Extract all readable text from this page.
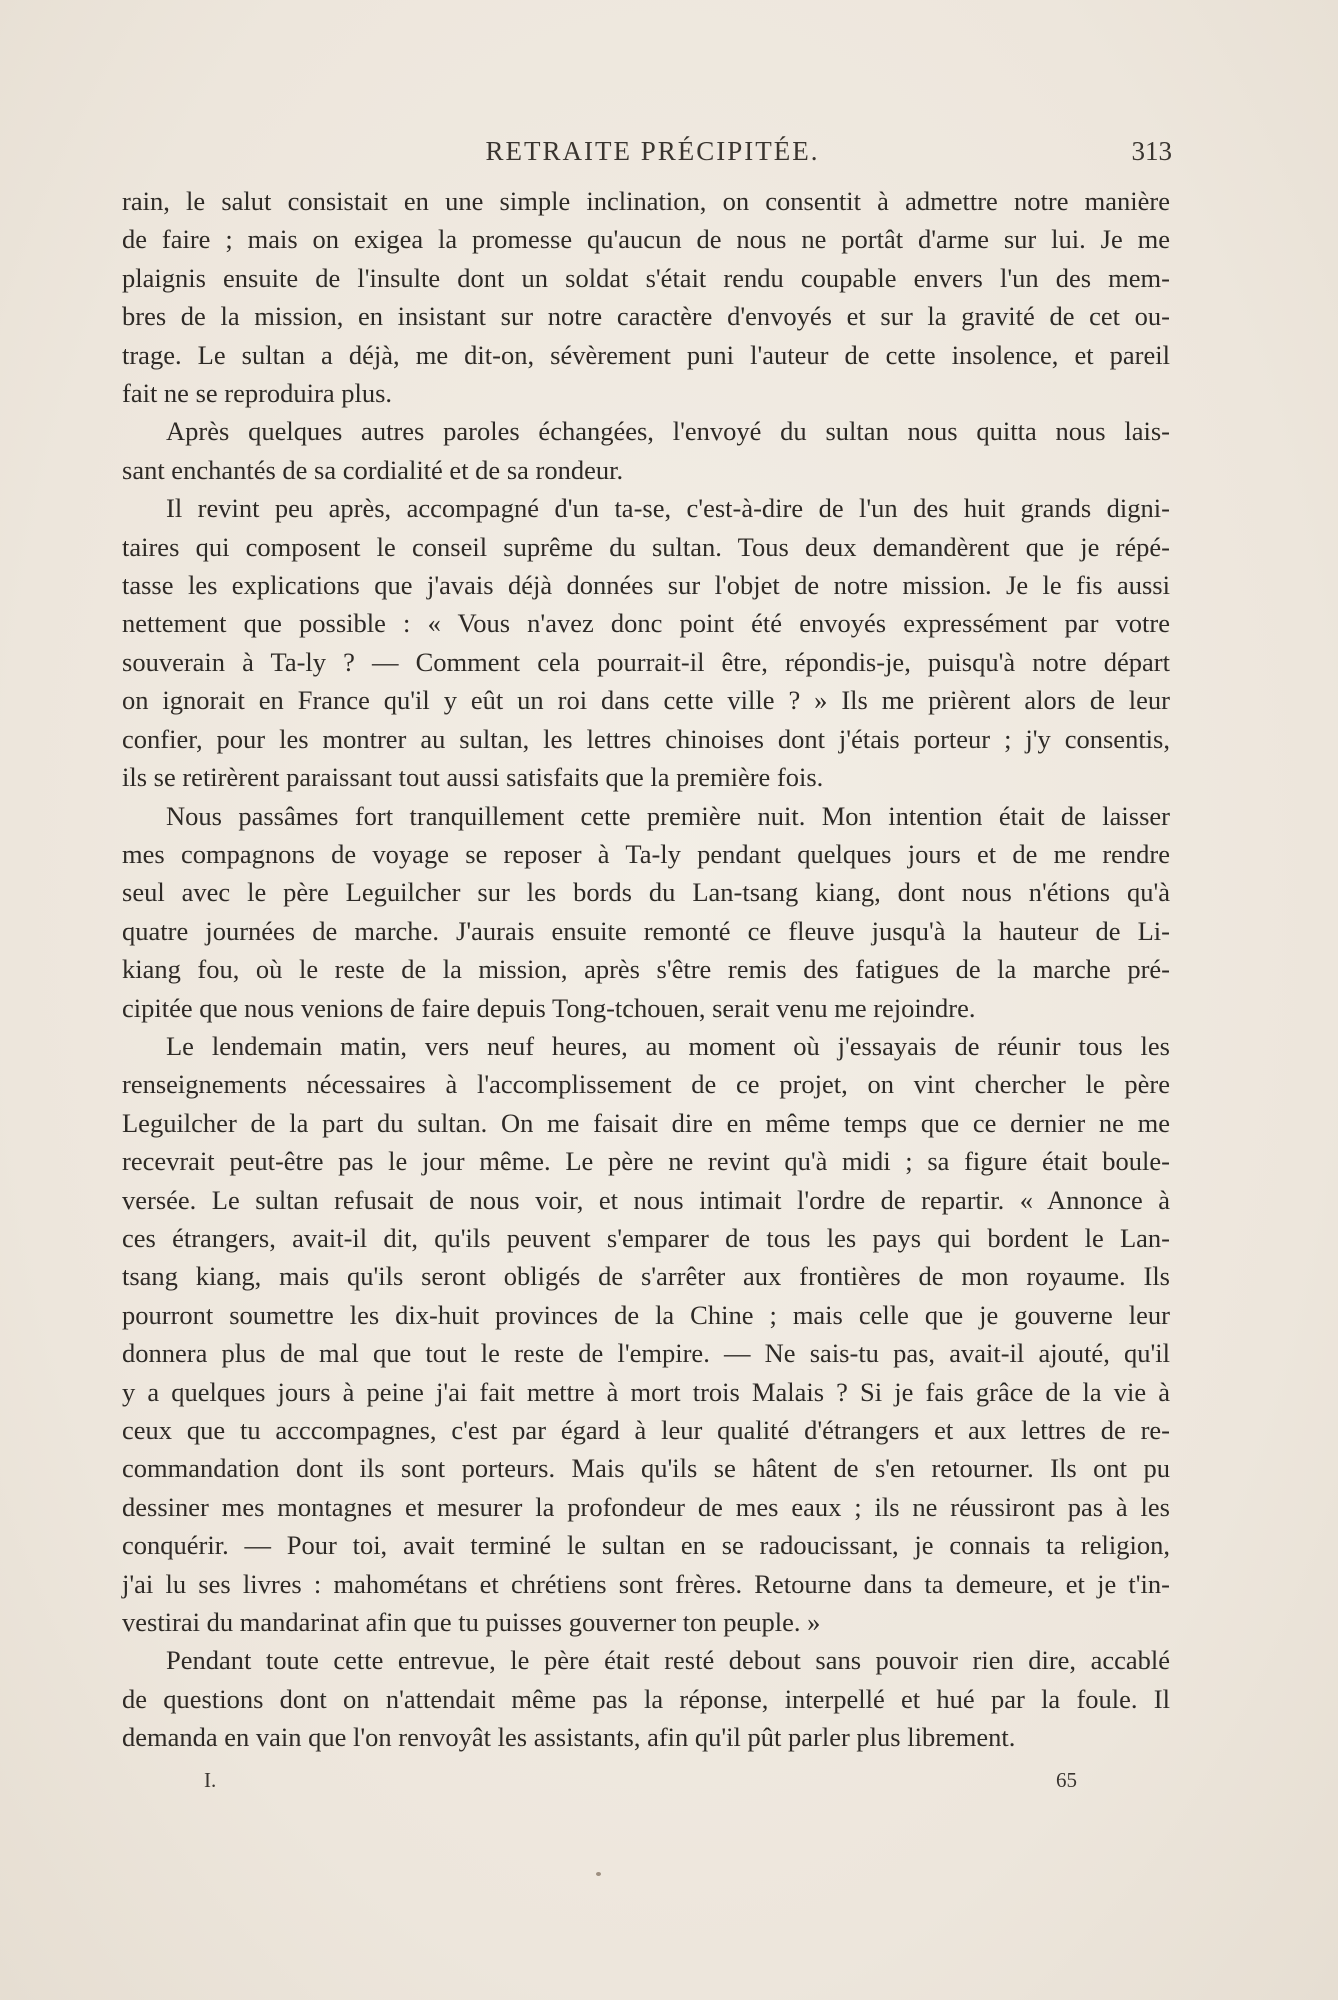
RETRAITE PRÉCIPITÉE.	313

rain, le salut consistait en une simple inclination, on consentit à admettre notre manière
de faire ; mais on exigea la promesse qu'aucun de nous ne portât d'arme sur lui. Je me
plaignis ensuite de l'insulte dont un soldat s'était rendu coupable envers l'un des mem-
bres de la mission, en insistant sur notre caractère d'envoyés et sur la gravité de cet ou-
trage. Le sultan a déjà, me dit-on, sévèrement puni l'auteur de cette insolence, et pareil
fait ne se reproduira plus.

Après quelques autres paroles échangées, l'envoyé du sultan nous quitta nous lais-
sant enchantés de sa cordialité et de sa rondeur.

Il revint peu après, accompagné d'un ta-se, c'est-à-dire de l'un des huit grands digni-
taires qui composent le conseil suprême du sultan. Tous deux demandèrent que je répé-
tasse les explications que j'avais déjà données sur l'objet de notre mission. Je le fis aussi
nettement que possible : « Vous n'avez donc point été envoyés expressément par votre
souverain à Ta-ly ? — Comment cela pourrait-il être, répondis-je, puisqu'à notre départ
on ignorait en France qu'il y eût un roi dans cette ville ? » Ils me prièrent alors de leur
confier, pour les montrer au sultan, les lettres chinoises dont j'étais porteur ; j'y consentis,
ils se retirèrent paraissant tout aussi satisfaits que la première fois.

Nous passâmes fort tranquillement cette première nuit. Mon intention était de laisser
mes compagnons de voyage se reposer à Ta-ly pendant quelques jours et de me rendre
seul avec le père Leguilcher sur les bords du Lan-tsang kiang, dont nous n'étions qu'à
quatre journées de marche. J'aurais ensuite remonté ce fleuve jusqu'à la hauteur de Li-
kiang fou, où le reste de la mission, après s'être remis des fatigues de la marche pré-
cipitée que nous venions de faire depuis Tong-tchouen, serait venu me rejoindre.

Le lendemain matin, vers neuf heures, au moment où j'essayais de réunir tous les
renseignements nécessaires à l'accomplissement de ce projet, on vint chercher le père
Leguilcher de la part du sultan. On me faisait dire en même temps que ce dernier ne me
recevrait peut-être pas le jour même. Le père ne revint qu'à midi ; sa figure était boule-
versée. Le sultan refusait de nous voir, et nous intimait l'ordre de repartir. « Annonce à
ces étrangers, avait-il dit, qu'ils peuvent s'emparer de tous les pays qui bordent le Lan-
tsang kiang, mais qu'ils seront obligés de s'arrêter aux frontières de mon royaume. Ils
pourront soumettre les dix-huit provinces de la Chine ; mais celle que je gouverne leur
donnera plus de mal que tout le reste de l'empire. — Ne sais-tu pas, avait-il ajouté, qu'il
y a quelques jours à peine j'ai fait mettre à mort trois Malais ? Si je fais grâce de la vie à
ceux que tu acccompagnes, c'est par égard à leur qualité d'étrangers et aux lettres de re-
commandation dont ils sont porteurs. Mais qu'ils se hâtent de s'en retourner. Ils ont pu
dessiner mes montagnes et mesurer la profondeur de mes eaux ; ils ne réussiront pas à les
conquérir. — Pour toi, avait terminé le sultan en se radoucissant, je connais ta religion,
j'ai lu ses livres : mahométans et chrétiens sont frères. Retourne dans ta demeure, et je t'in-
vestirai du mandarinat afin que tu puisses gouverner ton peuple. »

Pendant toute cette entrevue, le père était resté debout sans pouvoir rien dire, accablé
de questions dont on n'attendait même pas la réponse, interpellé et hué par la foule. Il
demanda en vain que l'on renvoyât les assistants, afin qu'il pût parler plus librement.

I.	65
